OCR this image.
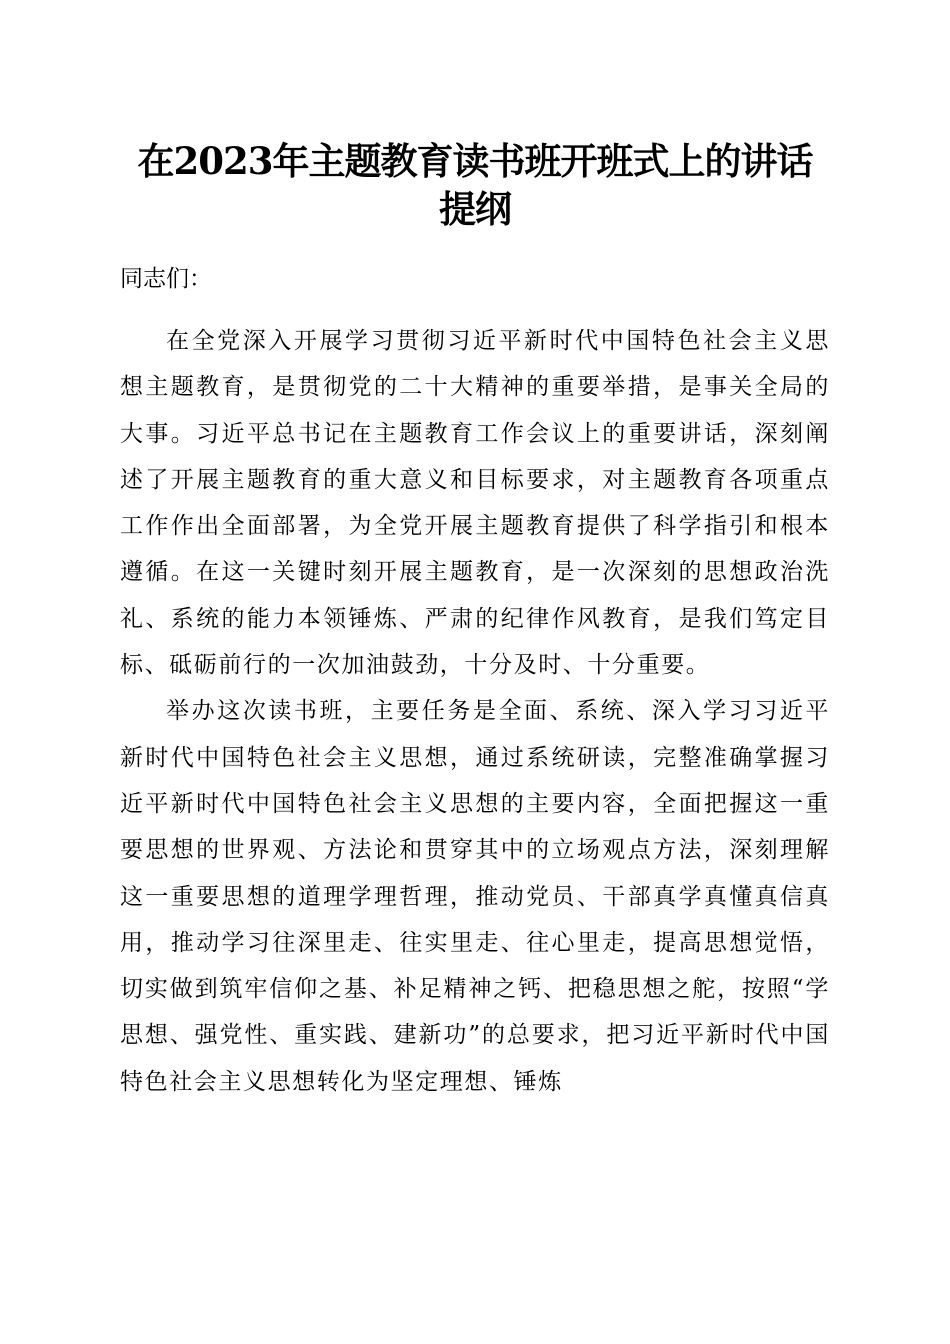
在2023年主题教育读书班开班式上的讲话提纲

同志们：

在全党深入开展学习贯彻习近平新时代中国特色社会主义思想主题教育，是贯彻党的二十大精神的重要举措，是事关全局的大事。习近平总书记在主题教育工作会议上的重要讲话，深刻阐述了开展主题教育的重大意义和目标要求，对主题教育各项重点工作作出全面部署，为全党开展主题教育提供了科学指引和根本遵循。在这一关键时刻开展主题教育，是一次深刻的思想政治洗礼、系统的能力本领锤炼、严肃的纪律作风教育，是我们笃定目标、砥砺前行的一次加油鼓劲，十分及时、十分重要。

举办这次读书班，主要任务是全面、系统、深入学习习近平新时代中国特色社会主义思想，通过系统研读，完整准确掌握习近平新时代中国特色社会主义思想的主要内容，全面把握这一重要思想的世界观、方法论和贯穿其中的立场观点方法，深刻理解这一重要思想的道理学理哲理，推动党员、干部真学真懂真信真用，推动学习往深里走、往实里走、往心里走，提高思想觉悟，切实做到筑牢信仰之基、补足精神之钙、把稳思想之舵，按照“学思想、强党性、重实践、建新功”的总要求，把习近平新时代中国特色社会主义思想转化为坚定理想、锤炼
